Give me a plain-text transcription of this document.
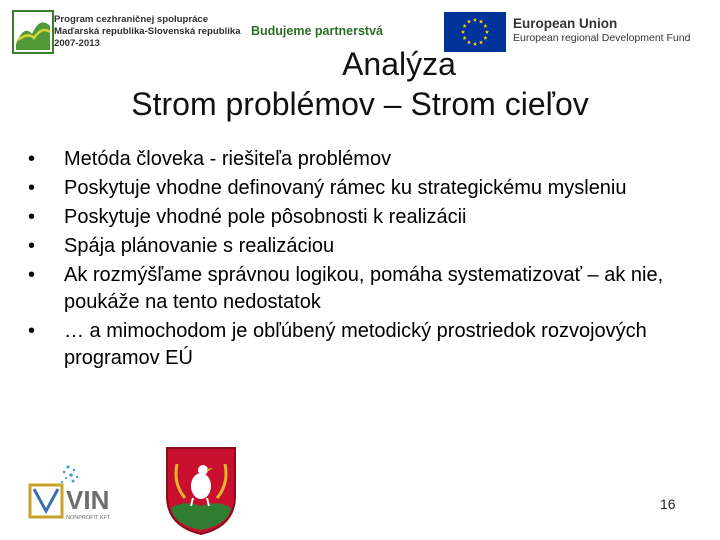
Program cezhraničnej spolupráce
Maďarská republika-Slovenská republika
2007-2013
Budujeme partnerstvá	European Union
European regional Development Fund
Analýza
Strom problémov – Strom cieľov
• Metóda človeka - riešiteľa problémov
• Poskytuje vhodne definovaný rámec ku strategickému mysleniu
• Poskytuje vhodné pole pôsobnosti k realizácii
• Spája plánovanie s realizáciou
• Ak rozmýšľame správnou logikou, pomáha systematizovať – ak nie, poukáže na tento nedostatok
• … a mimochodom je obľúbený metodický prostriedok rozvojových programov EÚ
VIN
NONPROFIT KFT.
16
